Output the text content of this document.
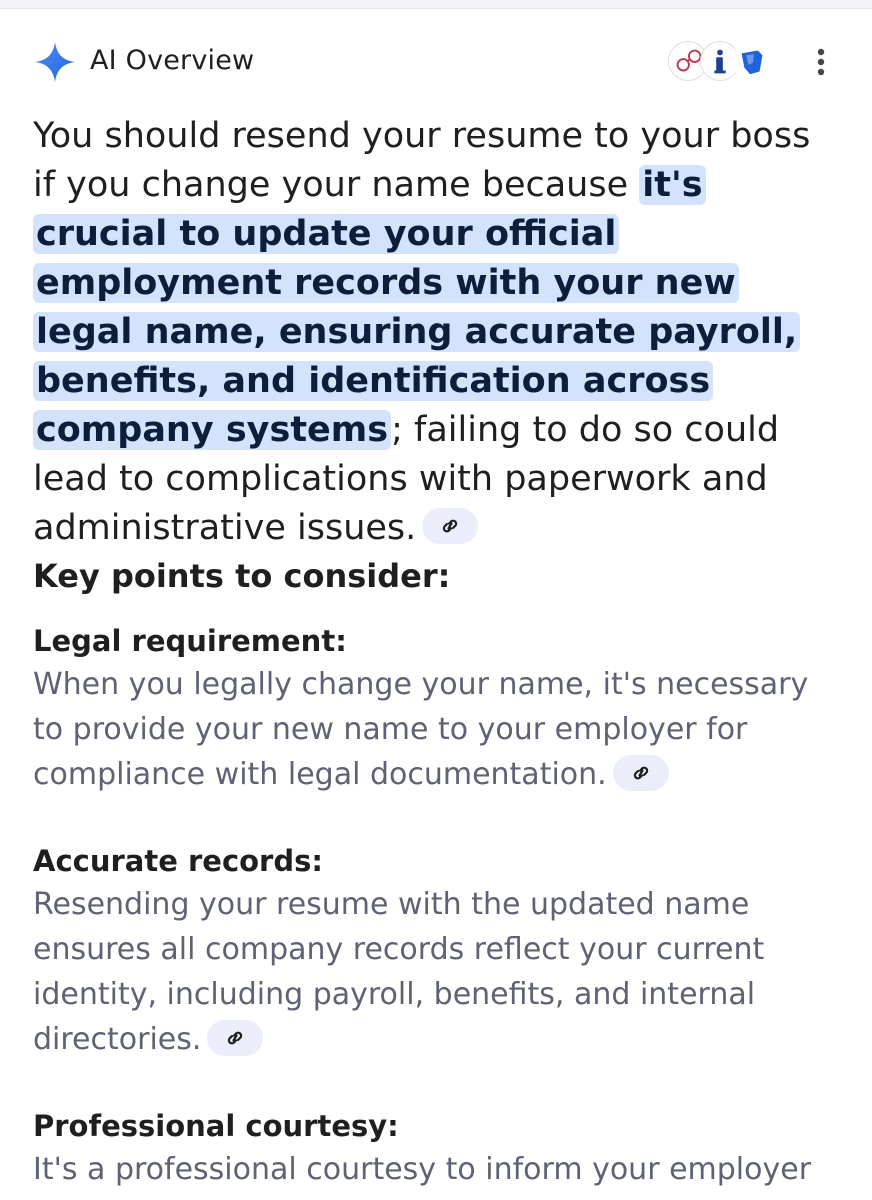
AI Overview

You should resend your resume to your boss if you change your name because it's crucial to update your official employment records with your new legal name, ensuring accurate payroll, benefits, and identification across company systems; failing to do so could lead to complications with paperwork and administrative issues.

Key points to consider:

Legal requirement:

When you legally change your name, it's necessary to provide your new name to your employer for compliance with legal documentation.

Accurate records:

Resending your resume with the updated name ensures all company records reflect your current identity, including payroll, benefits, and internal directories.

Professional courtesy:

It's a professional courtesy to inform your employer
